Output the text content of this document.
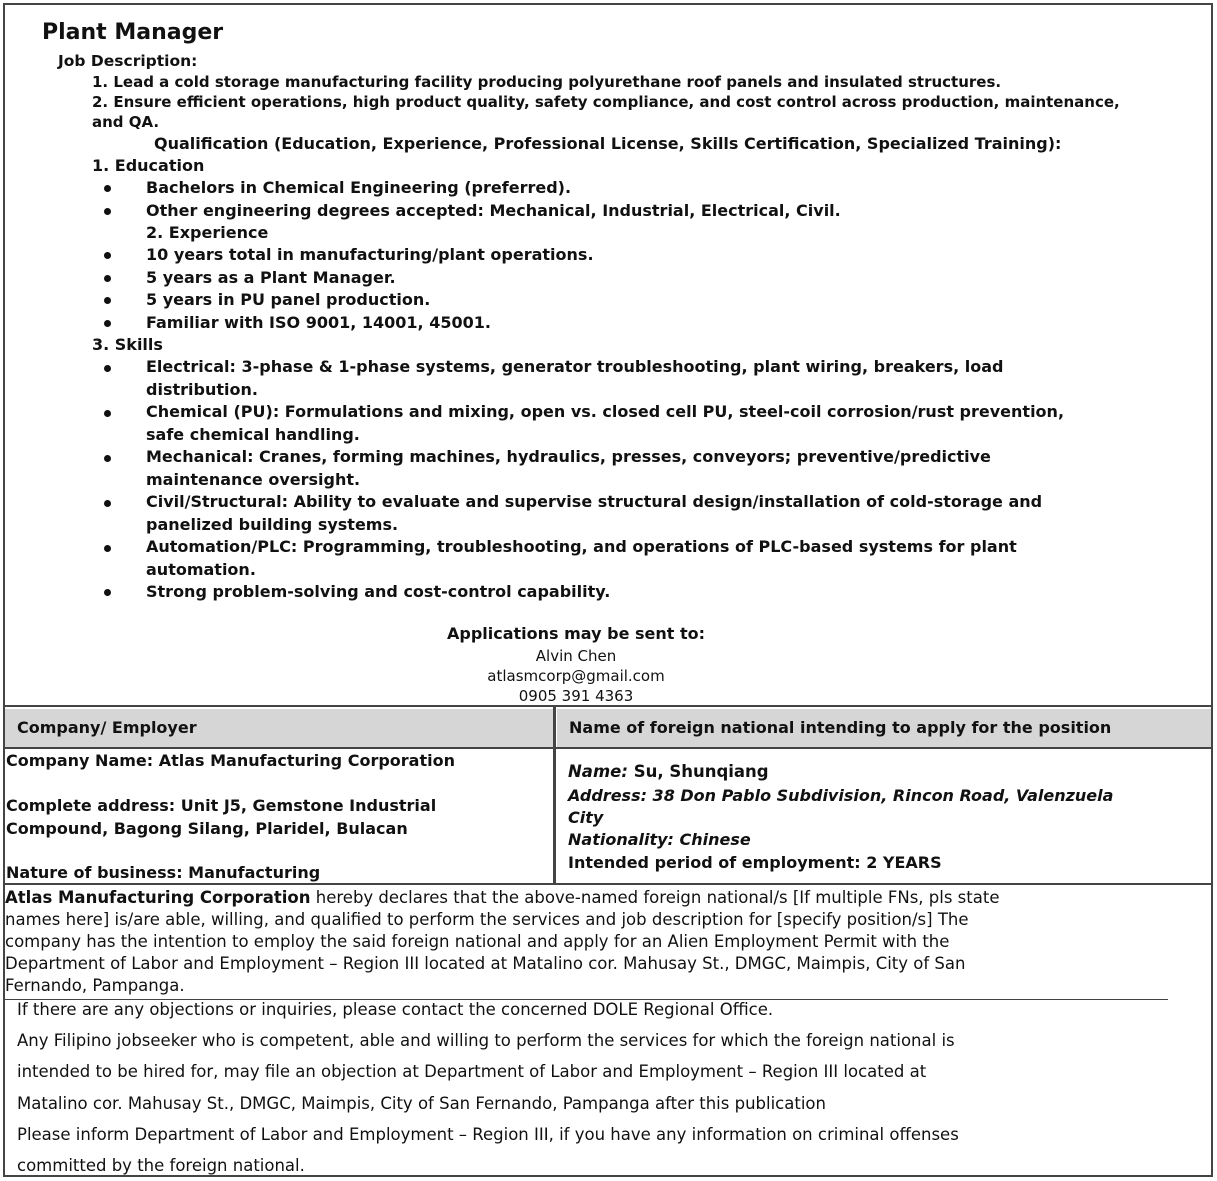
Plant Manager
Job Description:
1. Lead a cold storage manufacturing facility producing polyurethane roof panels and insulated structures.
2. Ensure efficient operations, high product quality, safety compliance, and cost control across production, maintenance,
and QA.
Qualification (Education, Experience, Professional License, Skills Certification, Specialized Training):
1. Education
Bachelors in Chemical Engineering (preferred).
Other engineering degrees accepted: Mechanical, Industrial, Electrical, Civil.
2. Experience
10 years total in manufacturing/plant operations.
5 years as a Plant Manager.
5 years in PU panel production.
Familiar with ISO 9001, 14001, 45001.
3. Skills
Electrical: 3-phase & 1-phase systems, generator troubleshooting, plant wiring, breakers, load
distribution.
Chemical (PU): Formulations and mixing, open vs. closed cell PU, steel-coil corrosion/rust prevention,
safe chemical handling.
Mechanical: Cranes, forming machines, hydraulics, presses, conveyors; preventive/predictive
maintenance oversight.
Civil/Structural: Ability to evaluate and supervise structural design/installation of cold-storage and
panelized building systems.
Automation/PLC: Programming, troubleshooting, and operations of PLC-based systems for plant
automation.
Strong problem-solving and cost-control capability.
Applications may be sent to:
Alvin Chen
atlasmcorp@gmail.com
0905 391 4363
Company/ Employer	Name of foreign national intending to apply for the position
Company Name: Atlas Manufacturing Corporation
Complete address: Unit J5, Gemstone Industrial
Compound, Bagong Silang, Plaridel, Bulacan
Nature of business: Manufacturing
Name: Su, Shunqiang
Address: 38 Don Pablo Subdivision, Rincon Road, Valenzuela
City
Nationality: Chinese
Intended period of employment: 2 YEARS
Atlas Manufacturing Corporation hereby declares that the above-named foreign national/s [If multiple FNs, pls state
names here] is/are able, willing, and qualified to perform the services and job description for [specify position/s] The
company has the intention to employ the said foreign national and apply for an Alien Employment Permit with the
Department of Labor and Employment – Region III located at Matalino cor. Mahusay St., DMGC, Maimpis, City of San
Fernando, Pampanga.
If there are any objections or inquiries, please contact the concerned DOLE Regional Office.
Any Filipino jobseeker who is competent, able and willing to perform the services for which the foreign national is
intended to be hired for, may file an objection at Department of Labor and Employment – Region III located at
Matalino cor. Mahusay St., DMGC, Maimpis, City of San Fernando, Pampanga after this publication
Please inform Department of Labor and Employment – Region III, if you have any information on criminal offenses
committed by the foreign national.
